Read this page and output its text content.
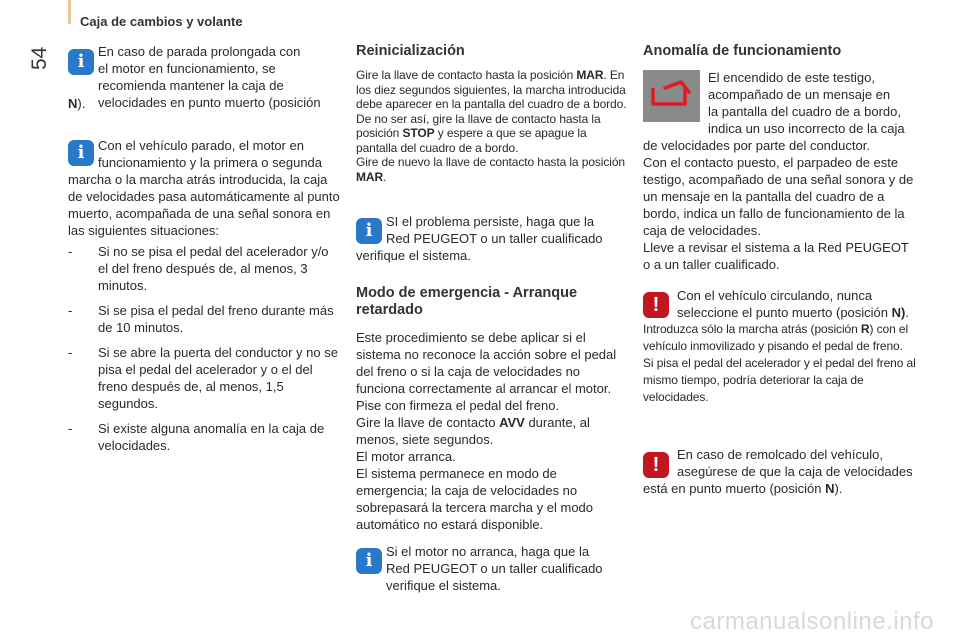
54
Caja de cambios y volante
i	En caso de parada prolongada con

el motor en funcionamiento, se recomienda mantener la caja de velocidades en punto muerto (posición

N).

i	Con el vehículo parado, el motor en

funcionamiento y la primera o segunda

marcha o la marcha atrás introducida, la caja de velocidades pasa automáticamente al punto muerto, acompañada de una señal sonora en las siguientes situaciones:

- Si no se pisa el pedal del acelerador y/o el del freno después de, al menos, 3 minutos.
- Si se pisa el pedal del freno durante más de 10 minutos.
- Si se abre la puerta del conductor y no se pisa el pedal del acelerador y o el del freno después de, al menos, 1,5 segundos.
- Si existe alguna anomalía en la caja de velocidades.

Reinicialización

Gire la llave de contacto hasta la posición MAR. En los diez segundos siguientes, la marcha introducida debe aparecer en la pantalla del cuadro de a bordo.

De no ser así, gire la llave de contacto hasta la posición STOP y espere a que se apague la pantalla del cuadro de a bordo.

Gire de nuevo la llave de contacto hasta la posición MAR.

i	SI el problema persiste, haga que la

Red PEUGEOT o un taller cualificado

verifique el sistema.

Modo de emergencia - Arranque retardado

Este procedimiento se debe aplicar si el sistema no reconoce la acción sobre el pedal del freno o si la caja de velocidades no funciona correctamente al arrancar el motor.

Pise con firmeza el pedal del freno.

Gire la llave de contacto AVV durante, al menos, siete segundos.

El motor arranca.

El sistema permanece en modo de emergencia; la caja de velocidades no sobrepasará la tercera marcha y el modo automático no estará disponible.

i	Si el motor no arranca, haga que la

Red PEUGEOT o un taller cualificado

verifique el sistema.

Anomalía de funcionamiento

El encendido de este testigo,

acompañado de un mensaje en

la pantalla del cuadro de a bordo,

indica un uso incorrecto de la caja

de velocidades por parte del conductor.

Con el contacto puesto, el parpadeo de este testigo, acompañado de una señal sonora y de un mensaje en la pantalla del cuadro de a bordo, indica un fallo de funcionamiento de la caja de velocidades.

Lleve a revisar el sistema a la Red PEUGEOT o a un taller cualificado.

!	Con el vehículo circulando, nunca

seleccione el punto muerto (posición N).

Introduzca sólo la marcha atrás (posición R) con el vehículo inmovilizado y pisando el pedal de freno.

Si pisa el pedal del acelerador y el pedal del freno al mismo tiempo, podría deteriorar la caja de velocidades.

!	En caso de remolcado del vehículo,

asegúrese de que la caja de velocidades

está en punto muerto (posición N).

carmanualsonline.info
